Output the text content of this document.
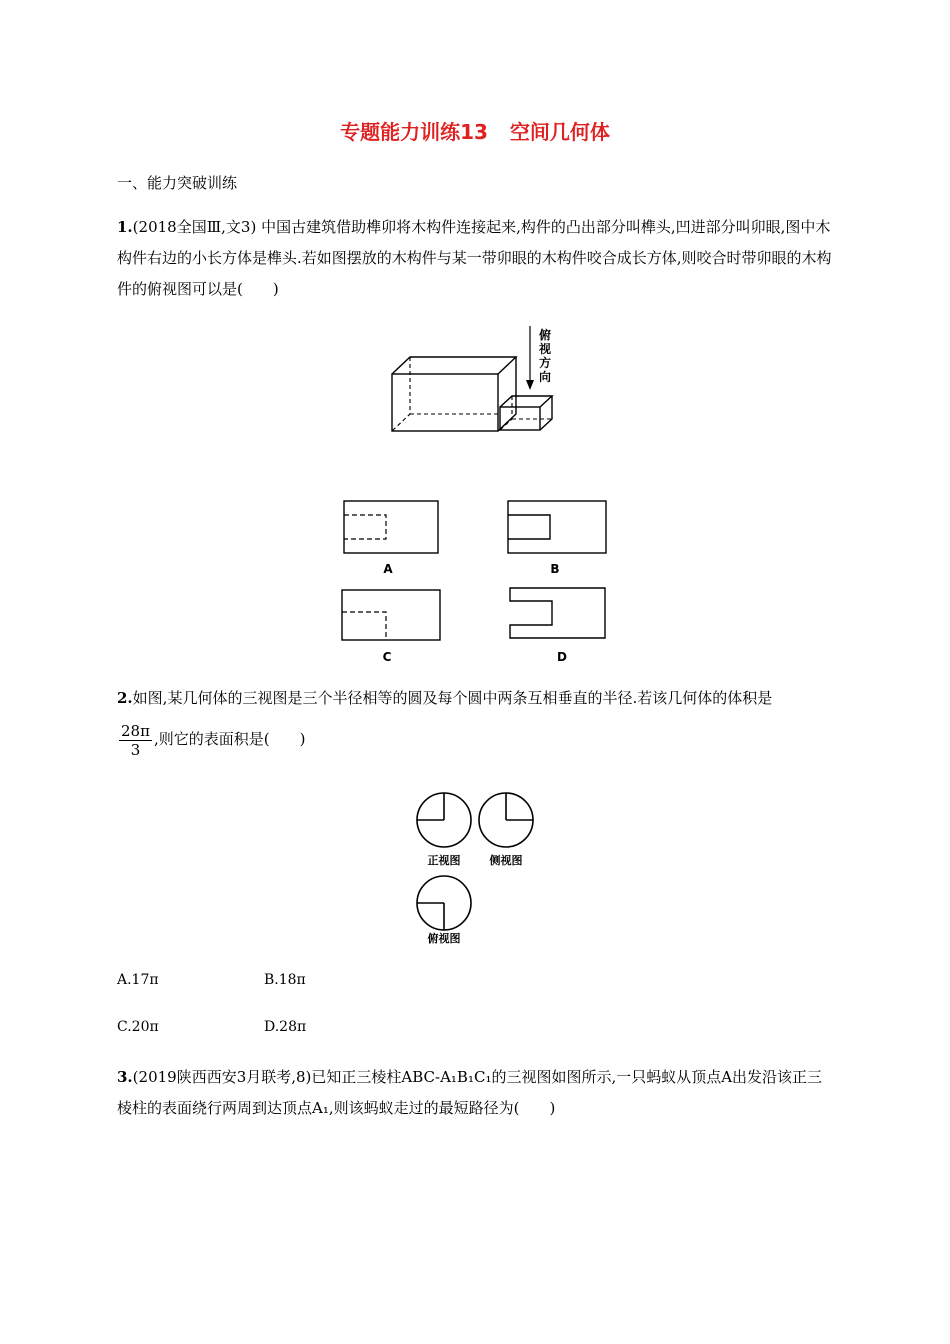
专题能力训练13 空间几何体
一、能力突破训练
1.(2018全国Ⅲ,文3) 中国古建筑借助榫卯将木构件连接起来,构件的凸出部分叫榫头,凹进部分叫卯眼,图中木构件右边的小长方体是榫头.若如图摆放的木构件与某一带卯眼的木构件咬合成长方体,则咬合时带卯眼的木构件的俯视图可以是(　　)
俯
视
方
向
A	B
C	D
2.如图,某几何体的三视图是三个半径相等的圆及每个圆中两条互相垂直的半径.若该几何体的体积是
$\frac{28\pi}{3}$ ,则它的表面积是(　　)
正视图	侧视图
俯视图
A.17π	B.18π
C.20π	D.28π
3.(2019陕西西安3月联考,8)已知正三棱柱ABC-A₁B₁C₁的三视图如图所示,一只蚂蚁从顶点A出发沿该正三棱柱的表面绕行两周到达顶点A₁,则该蚂蚁走过的最短路径为(　　)
